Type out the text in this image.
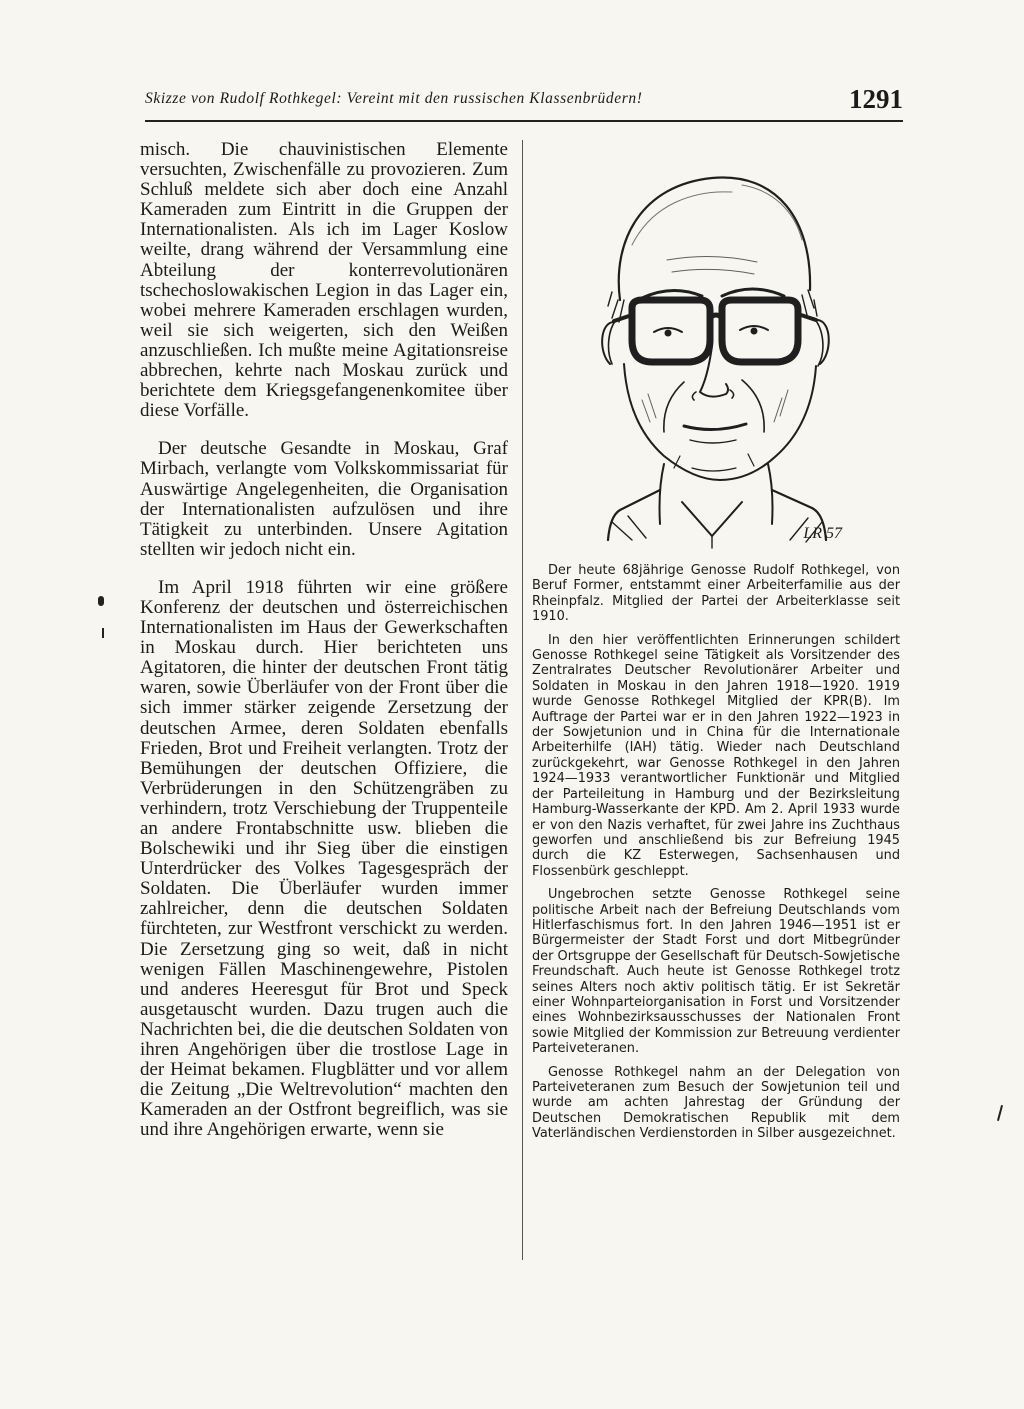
Skizze von Rudolf Rothkegel: Vereint mit den russischen Klassenbrüdern!	1291

misch. Die chauvinistischen Elemente versuchten, Zwischenfälle zu provozieren. Zum Schluß meldete sich aber doch eine Anzahl Kameraden zum Eintritt in die Gruppen der Internationalisten. Als ich im Lager Koslow weilte, drang während der Versammlung eine Abteilung der konterrevolutionären tschechoslowakischen Legion in das Lager ein, wobei mehrere Kameraden erschlagen wurden, weil sie sich weigerten, sich den Weißen anzuschließen. Ich mußte meine Agitationsreise abbrechen, kehrte nach Moskau zurück und berichtete dem Kriegsgefangenenkomitee über diese Vorfälle.

Der deutsche Gesandte in Moskau, Graf Mirbach, verlangte vom Volkskommissariat für Auswärtige Angelegenheiten, die Organisation der Internationalisten aufzulösen und ihre Tätigkeit zu unterbinden. Unsere Agitation stellten wir jedoch nicht ein.

Im April 1918 führten wir eine größere Konferenz der deutschen und österreichischen Internationalisten im Haus der Gewerkschaften in Moskau durch. Hier berichteten uns Agitatoren, die hinter der deutschen Front tätig waren, sowie Überläufer von der Front über die sich immer stärker zeigende Zersetzung der deutschen Armee, deren Soldaten ebenfalls Frieden, Brot und Freiheit verlangten. Trotz der Bemühungen der deutschen Offiziere, die Verbrüderungen in den Schützengräben zu verhindern, trotz Verschiebung der Truppenteile an andere Frontabschnitte usw. blieben die Bolschewiki und ihr Sieg über die einstigen Unterdrücker des Volkes Tagesgespräch der Soldaten. Die Überläufer wurden immer zahlreicher, denn die deutschen Soldaten fürchteten, zur Westfront verschickt zu werden. Die Zersetzung ging so weit, daß in nicht wenigen Fällen Maschinengewehre, Pistolen und anderes Heeresgut für Brot und Speck ausgetauscht wurden. Dazu trugen auch die Nachrichten bei, die die deutschen Soldaten von ihren Angehörigen über die trostlose Lage in der Heimat bekamen. Flugblätter und vor allem die Zeitung „Die Weltrevolution“ machten den Kameraden an der Ostfront begreiflich, was sie und ihre Angehörigen erwarte, wenn sie

LR 57

Der heute 68jährige Genosse Rudolf Rothkegel, von Beruf Former, entstammt einer Arbeiterfamilie aus der Rheinpfalz. Mitglied der Partei der Arbeiterklasse seit 1910.

In den hier veröffentlichten Erinnerungen schildert Genosse Rothkegel seine Tätigkeit als Vorsitzender des Zentralrates Deutscher Revolutionärer Arbeiter und Soldaten in Moskau in den Jahren 1918—1920. 1919 wurde Genosse Rothkegel Mitglied der KPR(B). Im Auftrage der Partei war er in den Jahren 1922—1923 in der Sowjetunion und in China für die Internationale Arbeiterhilfe (IAH) tätig. Wieder nach Deutschland zurückgekehrt, war Genosse Rothkegel in den Jahren 1924—1933 verantwortlicher Funktionär und Mitglied der Parteileitung in Hamburg und der Bezirksleitung Hamburg-Wasserkante der KPD. Am 2. April 1933 wurde er von den Nazis verhaftet, für zwei Jahre ins Zuchthaus geworfen und anschließend bis zur Befreiung 1945 durch die KZ Esterwegen, Sachsenhausen und Flossenbürk geschleppt.

Ungebrochen setzte Genosse Rothkegel seine politische Arbeit nach der Befreiung Deutschlands vom Hitlerfaschismus fort. In den Jahren 1946—1951 ist er Bürgermeister der Stadt Forst und dort Mitbegründer der Ortsgruppe der Gesellschaft für Deutsch-Sowjetische Freundschaft. Auch heute ist Genosse Rothkegel trotz seines Alters noch aktiv politisch tätig. Er ist Sekretär einer Wohnparteiorganisation in Forst und Vorsitzender eines Wohnbezirksausschusses der Nationalen Front sowie Mitglied der Kommission zur Betreuung verdienter Parteiveteranen.

Genosse Rothkegel nahm an der Delegation von Parteiveteranen zum Besuch der Sowjetunion teil und wurde am achten Jahrestag der Gründung der Deutschen Demokratischen Republik mit dem Vaterländischen Verdienstorden in Silber ausgezeichnet.
